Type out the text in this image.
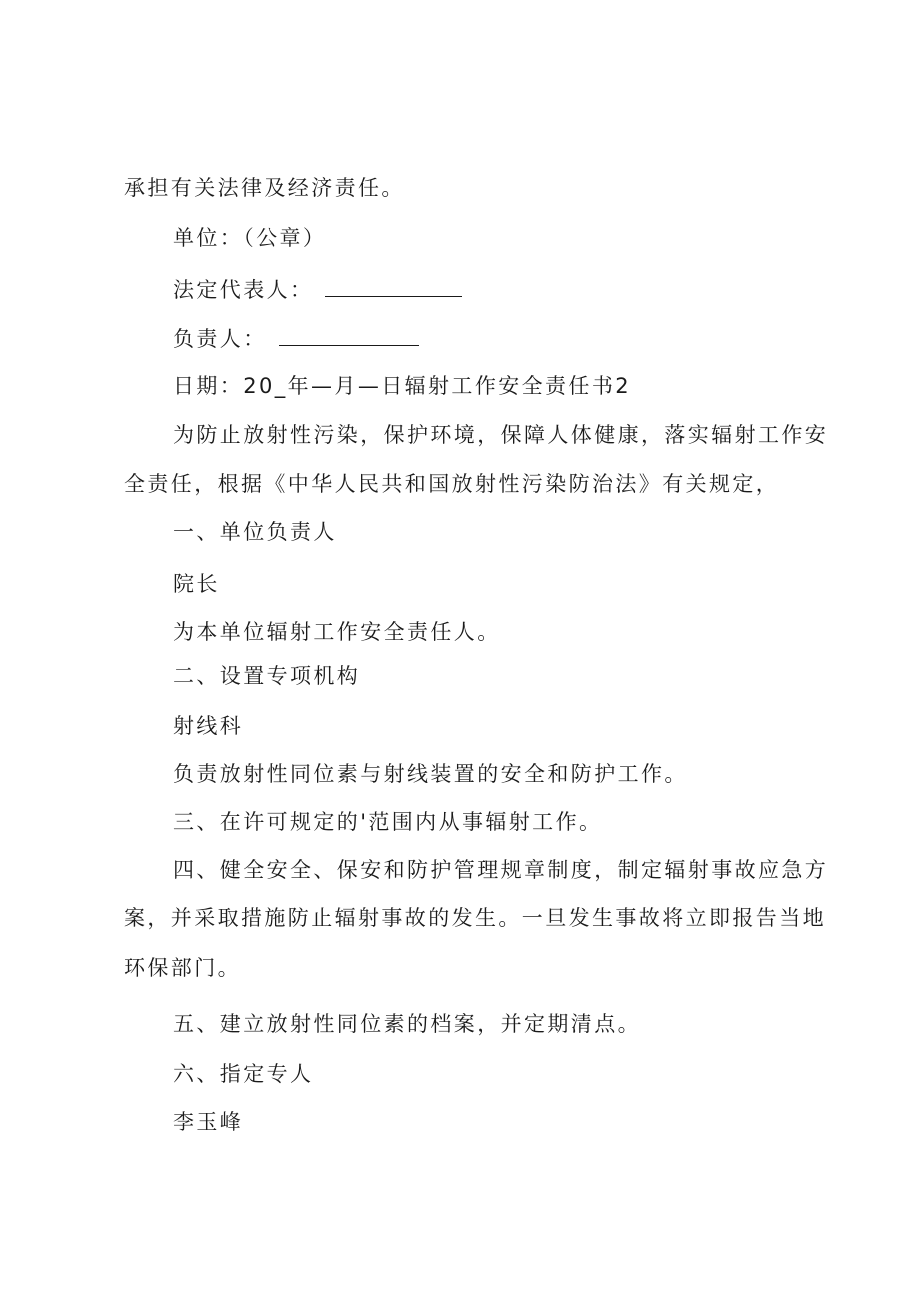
承担有关法律及经济责任。
单位：（公章）
法定代表人：
负责人：
日期：20_年—月—日辐射工作安全责任书2
为防止放射性污染，保护环境，保障人体健康，落实辐射工作安
全责任，根据《中华人民共和国放射性污染防治法》有关规定，
一、单位负责人
院长
为本单位辐射工作安全责任人。
二、设置专项机构
射线科
负责放射性同位素与射线装置的安全和防护工作。
三、在许可规定的'范围内从事辐射工作。
四、健全安全、保安和防护管理规章制度，制定辐射事故应急方
案，并采取措施防止辐射事故的发生。一旦发生事故将立即报告当地
环保部门。
五、建立放射性同位素的档案，并定期清点。
六、指定专人
李玉峰
